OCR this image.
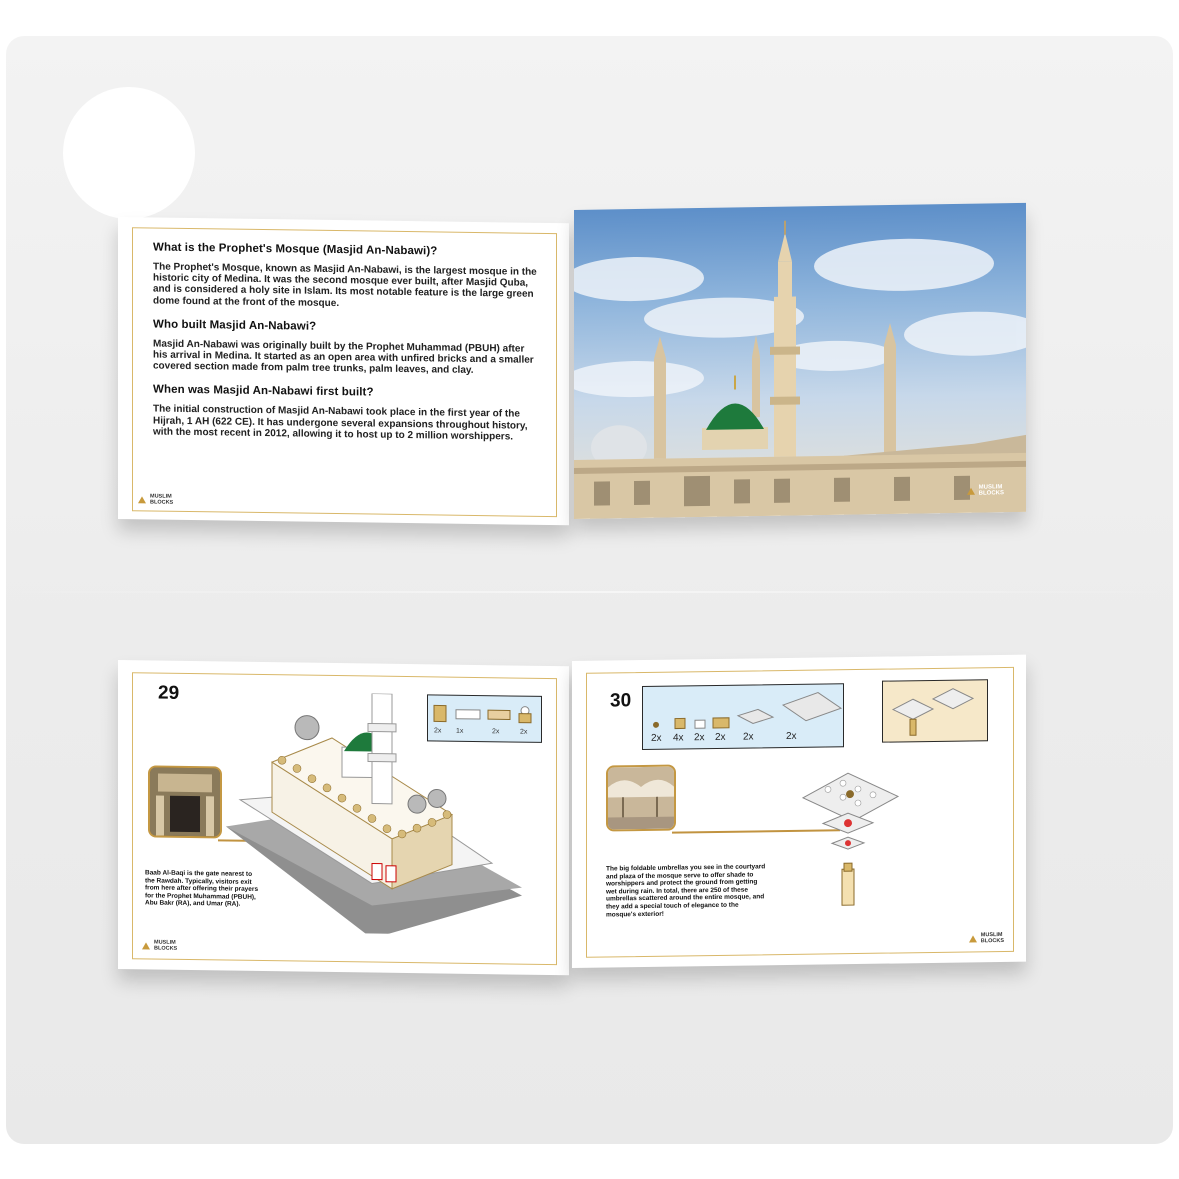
What is the Prophet's Mosque (Masjid An-Nabawi)?

The Prophet's Mosque, known as Masjid An-Nabawi, is the largest mosque in the historic city of Medina. It was the second mosque ever built, after Masjid Quba, and is considered a holy site in Islam. Its most notable feature is the large green dome found at the front of the mosque.

Who built Masjid An-Nabawi?

Masjid An-Nabawi was originally built by the Prophet Muhammad (PBUH) after his arrival in Medina. It started as an open area with unfired bricks and a smaller covered section made from palm tree trunks, palm leaves, and clay.

When was Masjid An-Nabawi first built?

The initial construction of Masjid An-Nabawi took place in the first year of the Hijrah, 1 AH (622 CE). It has undergone several expansions throughout history, with the most recent in 2012, allowing it to host up to 2 million worshippers.

MUSLIM
BLOCKS
MUSLIM
BLOCKS
29
2x 1x	2x	2x
Baab Al-Baqi is the gate nearest to the Rawdah. Typically, visitors exit from here after offering their prayers for the Prophet Muhammad (PBUH), Abu Bakr (RA), and Umar (RA).
MUSLIM
BLOCKS
30
2x 4x 2x 2x 2x	2x
The big foldable umbrellas you see in the courtyard and plaza of the mosque serve to offer shade to worshippers and protect the ground from getting wet during rain. In total, there are 250 of these umbrellas scattered around the entire mosque, and they add a special touch of elegance to the mosque's exterior!
MUSLIM
BLOCKS
